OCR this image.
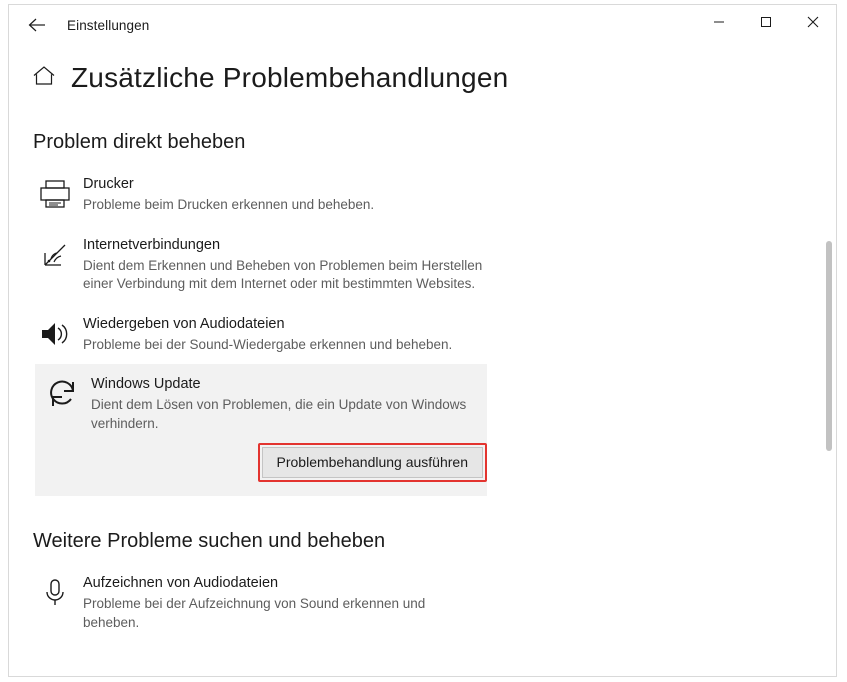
Einstellungen
Zusätzliche Problembehandlungen
Problem direkt beheben
Drucker
Probleme beim Drucken erkennen und beheben.
Internetverbindungen
Dient dem Erkennen und Beheben von Problemen beim Herstellen einer Verbindung mit dem Internet oder mit bestimmten Websites.
Wiedergeben von Audiodateien
Probleme bei der Sound-Wiedergabe erkennen und beheben.
Windows Update
Dient dem Lösen von Problemen, die ein Update von Windows verhindern.
Problembehandlung ausführen
Weitere Probleme suchen und beheben
Aufzeichnen von Audiodateien
Probleme bei der Aufzeichnung von Sound erkennen und beheben.
